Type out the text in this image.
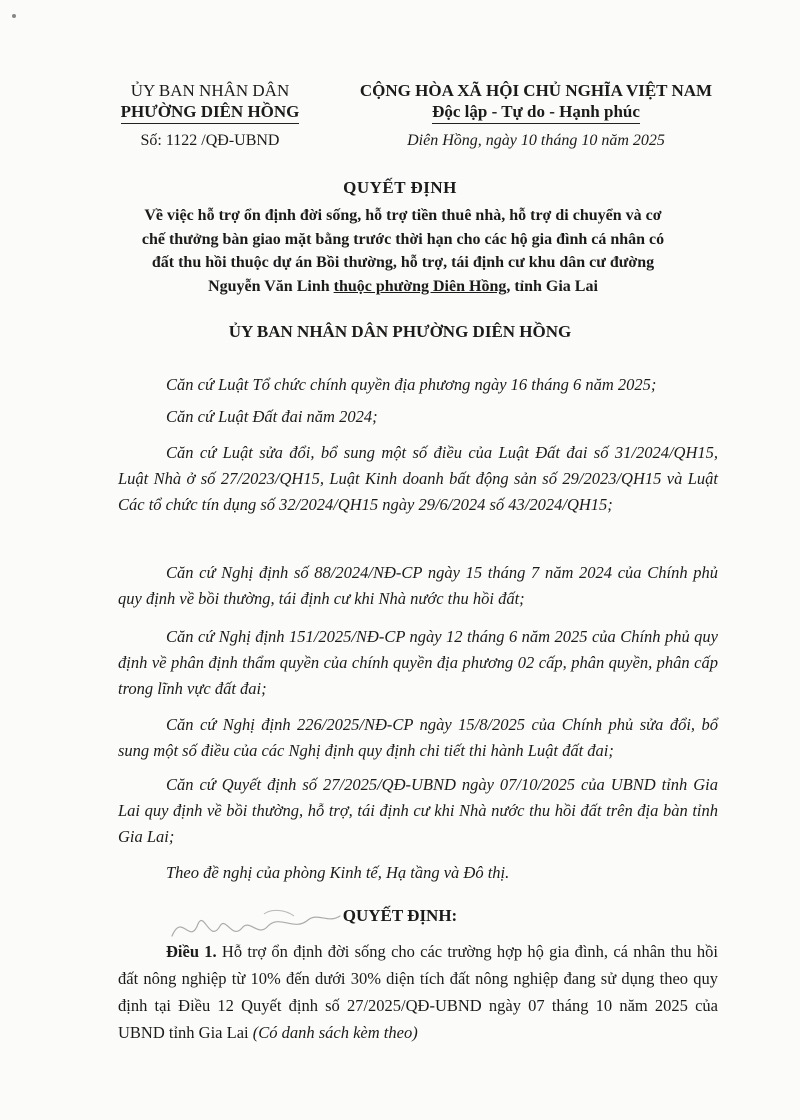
ỦY BAN NHÂN DÂN
PHƯỜNG DIÊN HỒNG
Số: 1122 /QĐ-UBND
CỘNG HÒA XÃ HỘI CHỦ NGHĨA VIỆT NAM
Độc lập - Tự do - Hạnh phúc
Diên Hồng, ngày 10 tháng 10 năm 2025
QUYẾT ĐỊNH
Về việc hỗ trợ ổn định đời sống, hỗ trợ tiền thuê nhà, hỗ trợ di chuyển và cơ
chế thưởng bàn giao mặt bằng trước thời hạn cho các hộ gia đình cá nhân có
đất thu hồi thuộc dự án Bồi thường, hỗ trợ, tái định cư khu dân cư đường
Nguyễn Văn Linh thuộc phường Diên Hồng, tỉnh Gia Lai
ỦY BAN NHÂN DÂN PHƯỜNG DIÊN HỒNG

Căn cứ Luật Tổ chức chính quyền địa phương ngày 16 tháng 6 năm 2025;

Căn cứ Luật Đất đai năm 2024;

Căn cứ Luật sửa đổi, bổ sung một số điều của Luật Đất đai số 31/2024/QH15, Luật Nhà ở số 27/2023/QH15, Luật Kinh doanh bất động sản số 29/2023/QH15 và Luật Các tổ chức tín dụng số 32/2024/QH15 ngày 29/6/2024 số 43/2024/QH15;

Căn cứ Nghị định số 88/2024/NĐ-CP ngày 15 tháng 7 năm 2024 của Chính phủ quy định về bồi thường, tái định cư khi Nhà nước thu hồi đất;

Căn cứ Nghị định 151/2025/NĐ-CP ngày 12 tháng 6 năm 2025 của Chính phủ quy định về phân định thẩm quyền của chính quyền địa phương 02 cấp, phân quyền, phân cấp trong lĩnh vực đất đai;

Căn cứ Nghị định 226/2025/NĐ-CP ngày 15/8/2025 của Chính phủ sửa đổi, bổ sung một số điều của các Nghị định quy định chi tiết thi hành Luật đất đai;

Căn cứ Quyết định số 27/2025/QĐ-UBND ngày 07/10/2025 của UBND tỉnh Gia Lai quy định về bồi thường, hỗ trợ, tái định cư khi Nhà nước thu hồi đất trên địa bàn tỉnh Gia Lai;

Theo đề nghị của phòng Kinh tế, Hạ tầng và Đô thị.

QUYẾT ĐỊNH:

Điều 1. Hỗ trợ ổn định đời sống cho các trường hợp hộ gia đình, cá nhân thu hồi đất nông nghiệp từ 10% đến dưới 30% diện tích đất nông nghiệp đang sử dụng theo quy định tại Điều 12 Quyết định số 27/2025/QĐ-UBND ngày 07 tháng 10 năm 2025 của UBND tỉnh Gia Lai (Có danh sách kèm theo)
